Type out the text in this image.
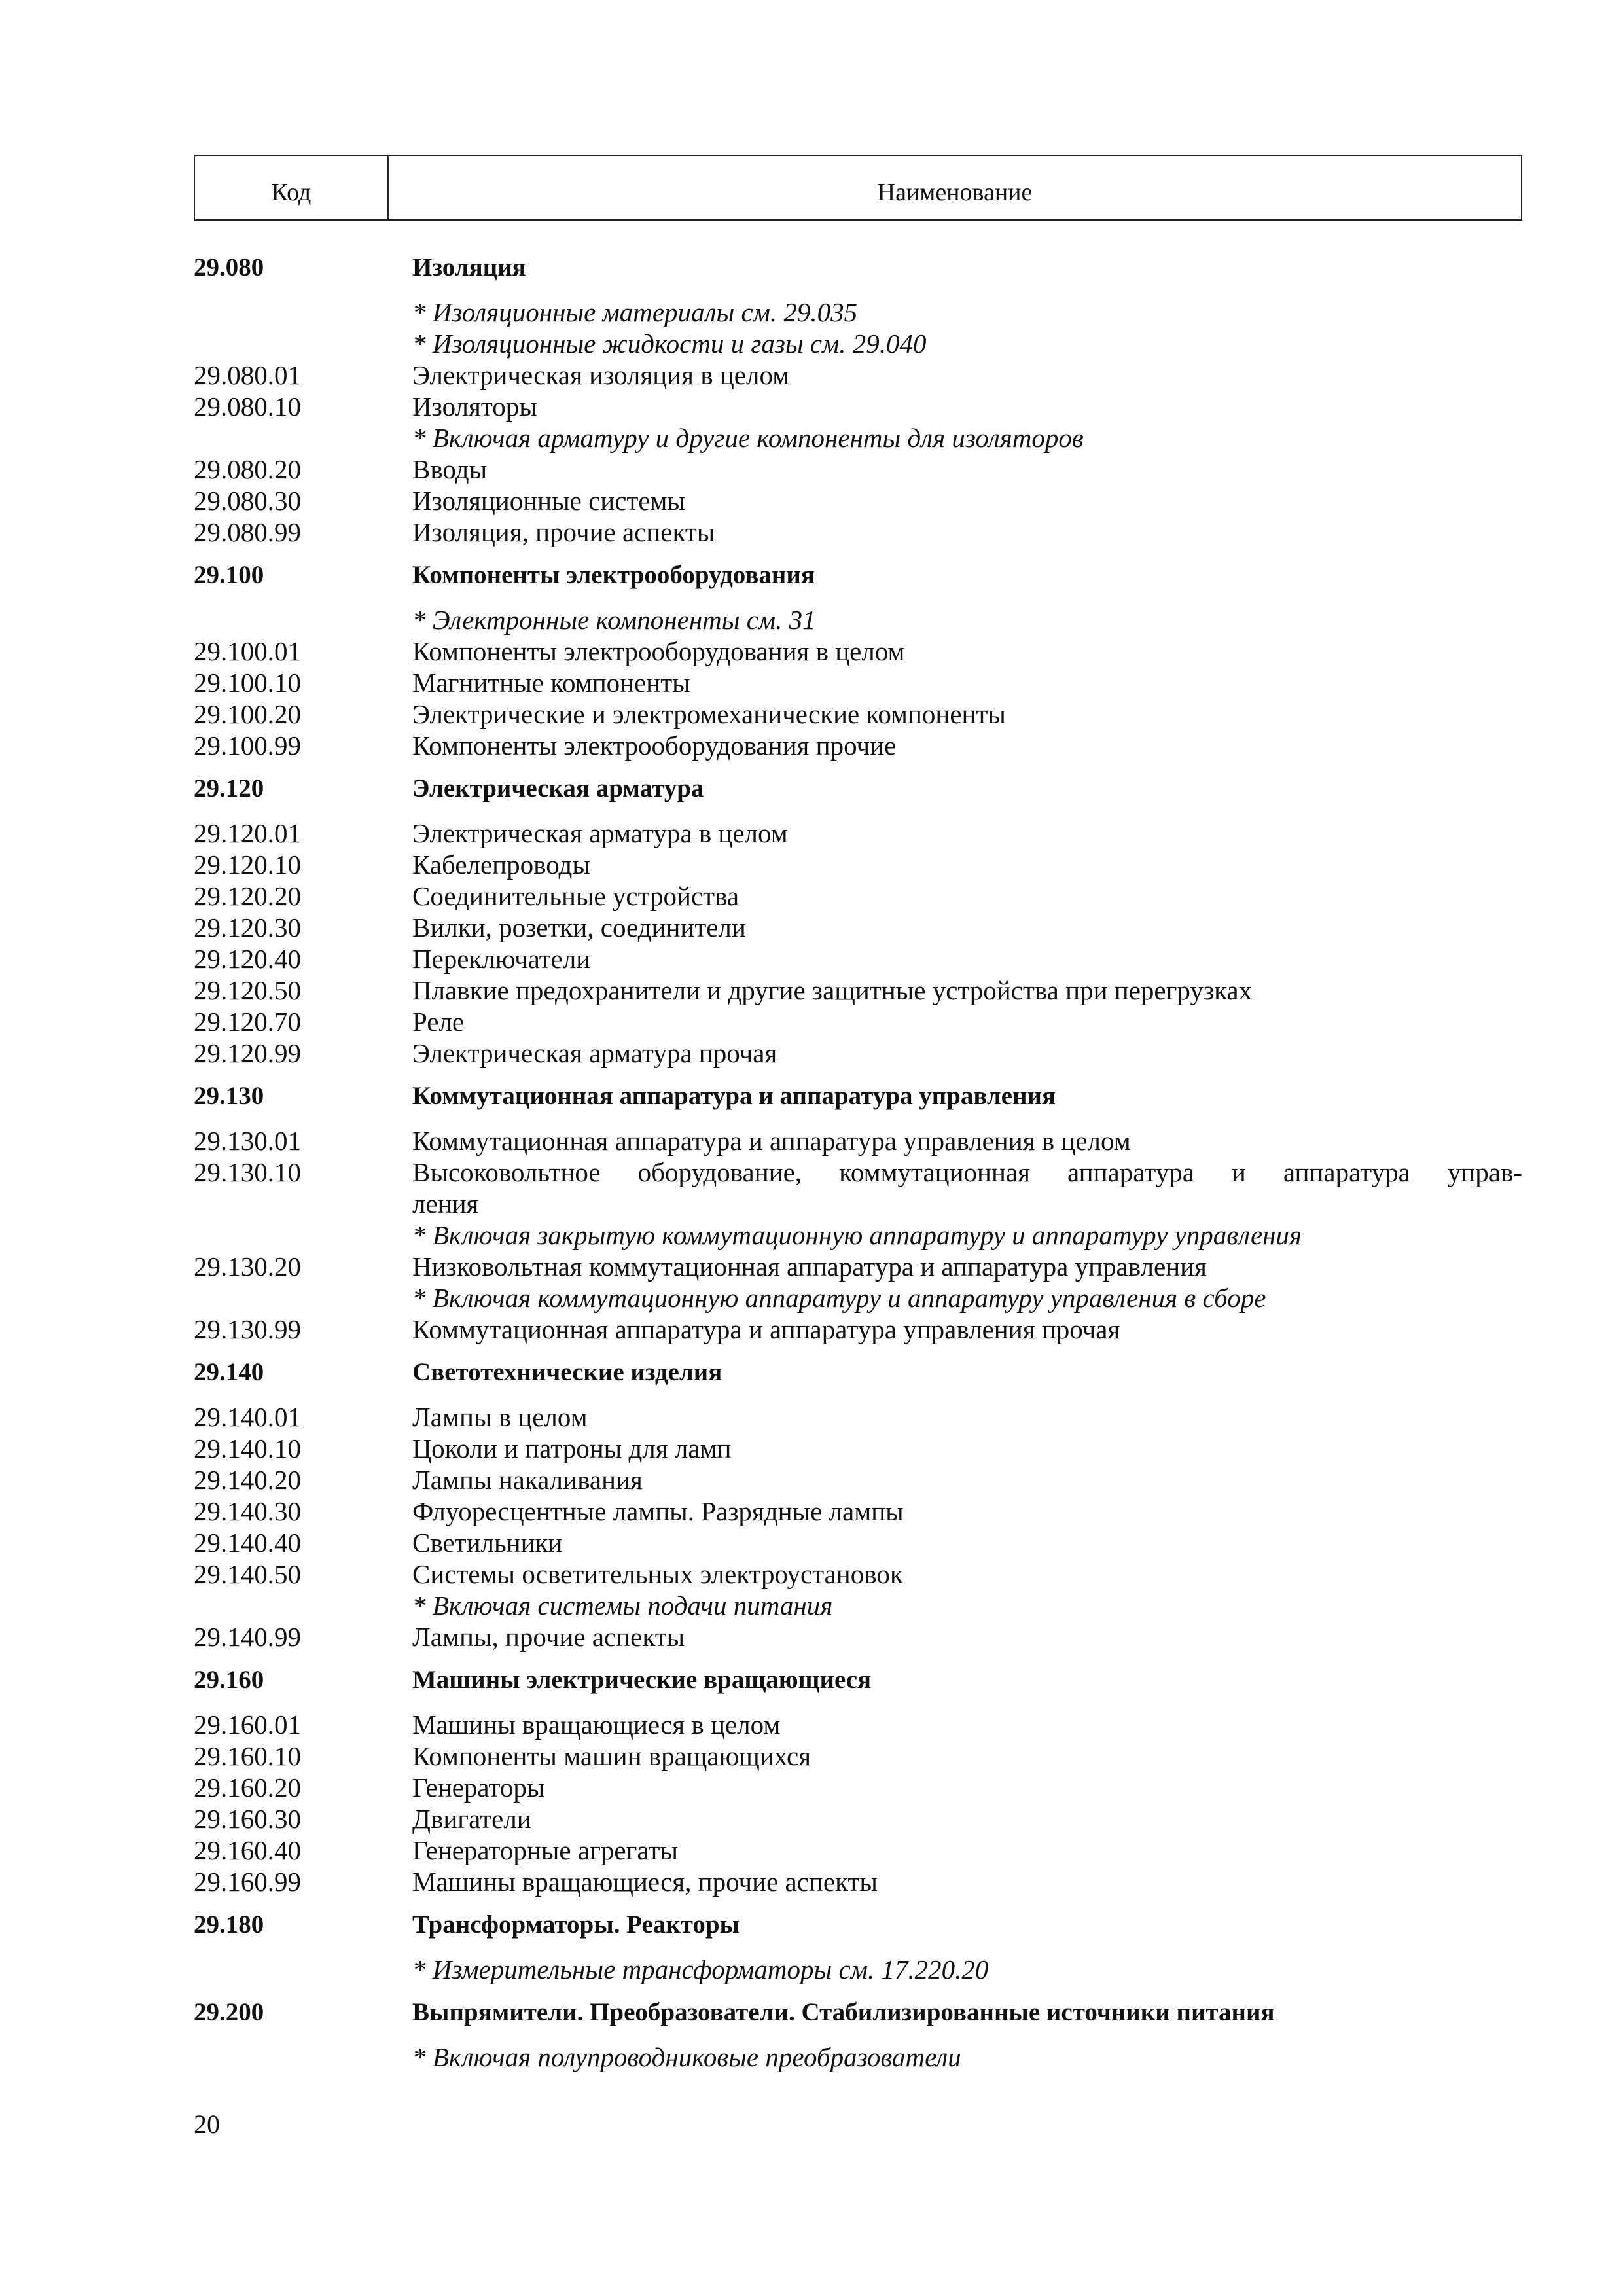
Код	Наименование
29.080	Изоляция
* Изоляционные материалы см. 29.035
* Изоляционные жидкости и газы см. 29.040
29.080.01	Электрическая изоляция в целом
29.080.10	Изоляторы
* Включая арматуру и другие компоненты для изоляторов
29.080.20	Вводы
29.080.30	Изоляционные системы
29.080.99	Изоляция, прочие аспекты
29.100	Компоненты электрооборудования
* Электронные компоненты см. 31
29.100.01	Компоненты электрооборудования в целом
29.100.10	Магнитные компоненты
29.100.20	Электрические и электромеханические компоненты
29.100.99	Компоненты электрооборудования прочие
29.120	Электрическая арматура
29.120.01	Электрическая арматура в целом
29.120.10	Кабелепроводы
29.120.20	Соединительные устройства
29.120.30	Вилки, розетки, соединители
29.120.40	Переключатели
29.120.50	Плавкие предохранители и другие защитные устройства при перегрузках
29.120.70	Реле
29.120.99	Электрическая арматура прочая
29.130	Коммутационная аппаратура и аппаратура управления
29.130.01	Коммутационная аппаратура и аппаратура управления в целом
29.130.10	Высоковольтное оборудование, коммутационная аппаратура и аппаратура управ-
ления
* Включая закрытую коммутационную аппаратуру и аппаратуру управления
29.130.20	Низковольтная коммутационная аппаратура и аппаратура управления
* Включая коммутационную аппаратуру и аппаратуру управления в сборе
29.130.99	Коммутационная аппаратура и аппаратура управления прочая
29.140	Светотехнические изделия
29.140.01	Лампы в целом
29.140.10	Цоколи и патроны для ламп
29.140.20	Лампы накаливания
29.140.30	Флуоресцентные лампы. Разрядные лампы
29.140.40	Светильники
29.140.50	Системы осветительных электроустановок
* Включая системы подачи питания
29.140.99	Лампы, прочие аспекты
29.160	Машины электрические вращающиеся
29.160.01	Машины вращающиеся в целом
29.160.10	Компоненты машин вращающихся
29.160.20	Генераторы
29.160.30	Двигатели
29.160.40	Генераторные агрегаты
29.160.99	Машины вращающиеся, прочие аспекты
29.180	Трансформаторы. Реакторы
* Измерительные трансформаторы см. 17.220.20
29.200	Выпрямители. Преобразователи. Стабилизированные источники питания
* Включая полупроводниковые преобразователи
20
